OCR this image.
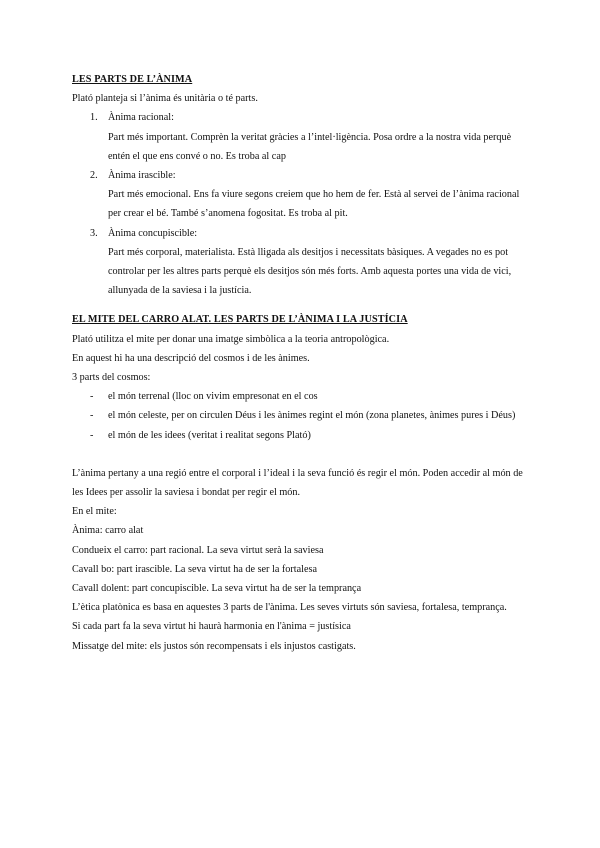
LES PARTS DE L’ÀNIMA

Plató planteja si l’ànima és unitària o té parts.

1. Ànima racional:

Part més important. Comprèn la veritat gràcies a l’intel·ligència. Posa ordre a la nostra vida perquè entén el que ens convé o no. Es troba al cap

2. Ànima irascible:

Part més emocional. Ens fa viure segons creiem que ho hem de fer. Està al servei de l’ànima racional per crear el bé. També s’anomena fogositat. Es troba al pit.

3. Ànima concupiscible:

Part més corporal, materialista. Està lligada als desitjos i necessitats bàsiques. A vegades no es pot controlar per les altres parts perquè els desitjos són més forts. Amb aquesta portes una vida de vici, allunyada de la saviesa i la justícia.

EL MITE DEL CARRO ALAT. LES PARTS DE L’ÀNIMA I LA JUSTÍCIA

Plató utilitza el mite per donar una imatge simbòlica a la teoria antropològica.

En aquest hi ha una descripció del cosmos i de les ànimes.

3 parts del cosmos:

- el món terrenal (lloc on vivim empresonat en el cos
- el món celeste, per on circulen Déus i les ànimes regint el món (zona planetes, ànimes pures i Déus)
- el món de les idees (veritat i realitat segons Plató)

L’ànima pertany a una regió entre el corporal i l’ideal i la seva funció és regir el món. Poden accedir al món de les Idees per assolir la saviesa i bondat per regir el món.

En el mite:

Ànima: carro alat

Condueix el carro: part racional. La seva virtut serà la saviesa

Cavall bo: part irascible. La seva virtut ha de ser la fortalesa

Cavall dolent: part concupiscible. La seva virtut ha de ser la temprança

L’ètica platònica es basa en aquestes 3 parts de l'ànima. Les seves virtuts són saviesa, fortalesa, temprança.

Si cada part fa la seva virtut hi haurà harmonia en l'ànima = justísica

Missatge del mite: els justos són recompensats i els injustos castigats.
